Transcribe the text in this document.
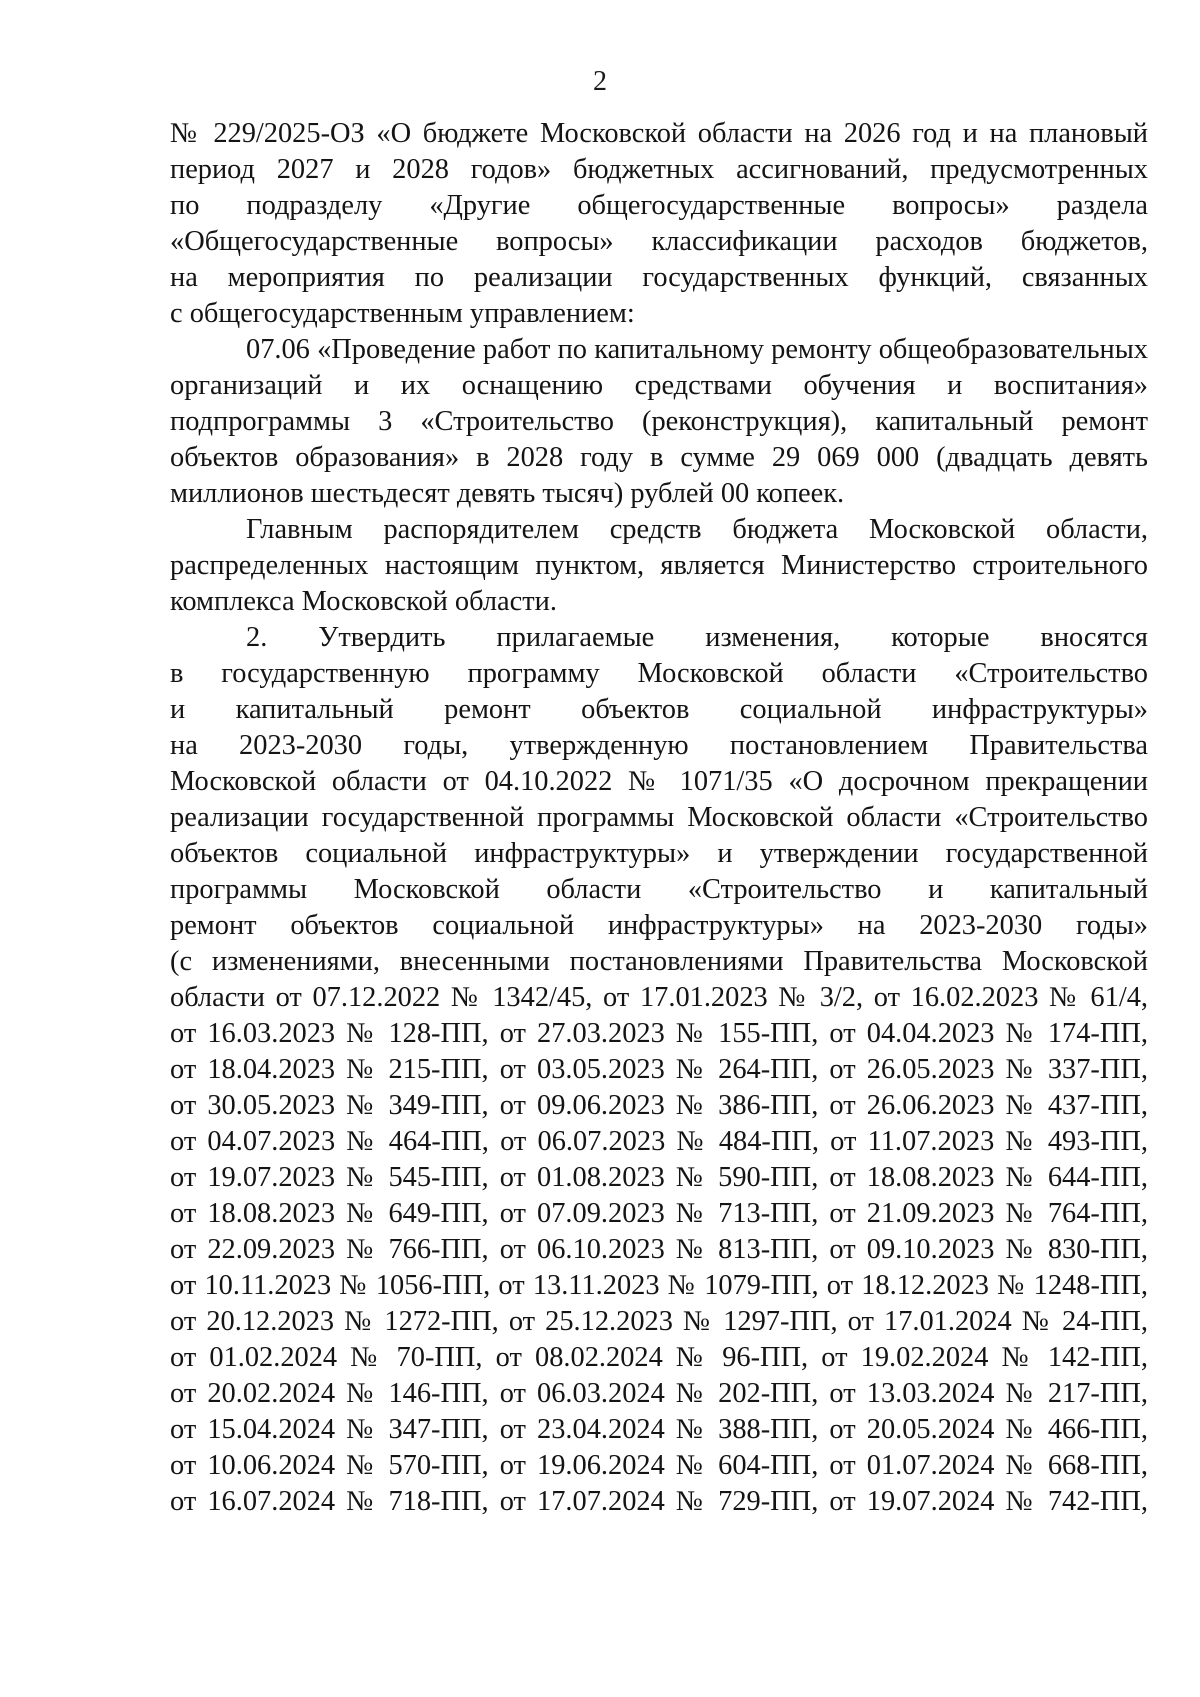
2
№ 229/2025-ОЗ «О бюджете Московской области на 2026 год и на плановый
период 2027 и 2028 годов» бюджетных ассигнований, предусмотренных
по подразделу «Другие общегосударственные вопросы» раздела
«Общегосударственные вопросы» классификации расходов бюджетов,
на мероприятия по реализации государственных функций, связанных
с общегосударственным управлением:
07.06 «Проведение работ по капитальному ремонту общеобразовательных
организаций и их оснащению средствами обучения и воспитания»
подпрограммы 3 «Строительство (реконструкция), капитальный ремонт
объектов образования» в 2028 году в сумме 29 069 000 (двадцать девять
миллионов шестьдесят девять тысяч) рублей 00 копеек.
Главным распорядителем средств бюджета Московской области,
распределенных настоящим пунктом, является Министерство строительного
комплекса Московской области.
2. Утвердить прилагаемые изменения, которые вносятся
в государственную программу Московской области «Строительство
и капитальный ремонт объектов социальной инфраструктуры»
на 2023-2030 годы, утвержденную постановлением Правительства
Московской области от 04.10.2022 № 1071/35 «О досрочном прекращении
реализации государственной программы Московской области «Строительство
объектов социальной инфраструктуры» и утверждении государственной
программы Московской области «Строительство и капитальный
ремонт объектов социальной инфраструктуры» на 2023-2030 годы»
(с изменениями, внесенными постановлениями Правительства Московской
области от 07.12.2022 № 1342/45, от 17.01.2023 № 3/2, от 16.02.2023 № 61/4,
от 16.03.2023 № 128-ПП, от 27.03.2023 № 155-ПП, от 04.04.2023 № 174-ПП,
от 18.04.2023 № 215-ПП, от 03.05.2023 № 264-ПП, от 26.05.2023 № 337-ПП,
от 30.05.2023 № 349-ПП, от 09.06.2023 № 386-ПП, от 26.06.2023 № 437-ПП,
от 04.07.2023 № 464-ПП, от 06.07.2023 № 484-ПП, от 11.07.2023 № 493-ПП,
от 19.07.2023 № 545-ПП, от 01.08.2023 № 590-ПП, от 18.08.2023 № 644-ПП,
от 18.08.2023 № 649-ПП, от 07.09.2023 № 713-ПП, от 21.09.2023 № 764-ПП,
от 22.09.2023 № 766-ПП, от 06.10.2023 № 813-ПП, от 09.10.2023 № 830-ПП,
от 10.11.2023 № 1056-ПП, от 13.11.2023 № 1079-ПП, от 18.12.2023 № 1248-ПП,
от 20.12.2023 № 1272-ПП, от 25.12.2023 № 1297-ПП, от 17.01.2024 № 24-ПП,
от 01.02.2024 № 70-ПП, от 08.02.2024 № 96-ПП, от 19.02.2024 № 142-ПП,
от 20.02.2024 № 146-ПП, от 06.03.2024 № 202-ПП, от 13.03.2024 № 217-ПП,
от 15.04.2024 № 347-ПП, от 23.04.2024 № 388-ПП, от 20.05.2024 № 466-ПП,
от 10.06.2024 № 570-ПП, от 19.06.2024 № 604-ПП, от 01.07.2024 № 668-ПП,
от 16.07.2024 № 718-ПП, от 17.07.2024 № 729-ПП, от 19.07.2024 № 742-ПП,
